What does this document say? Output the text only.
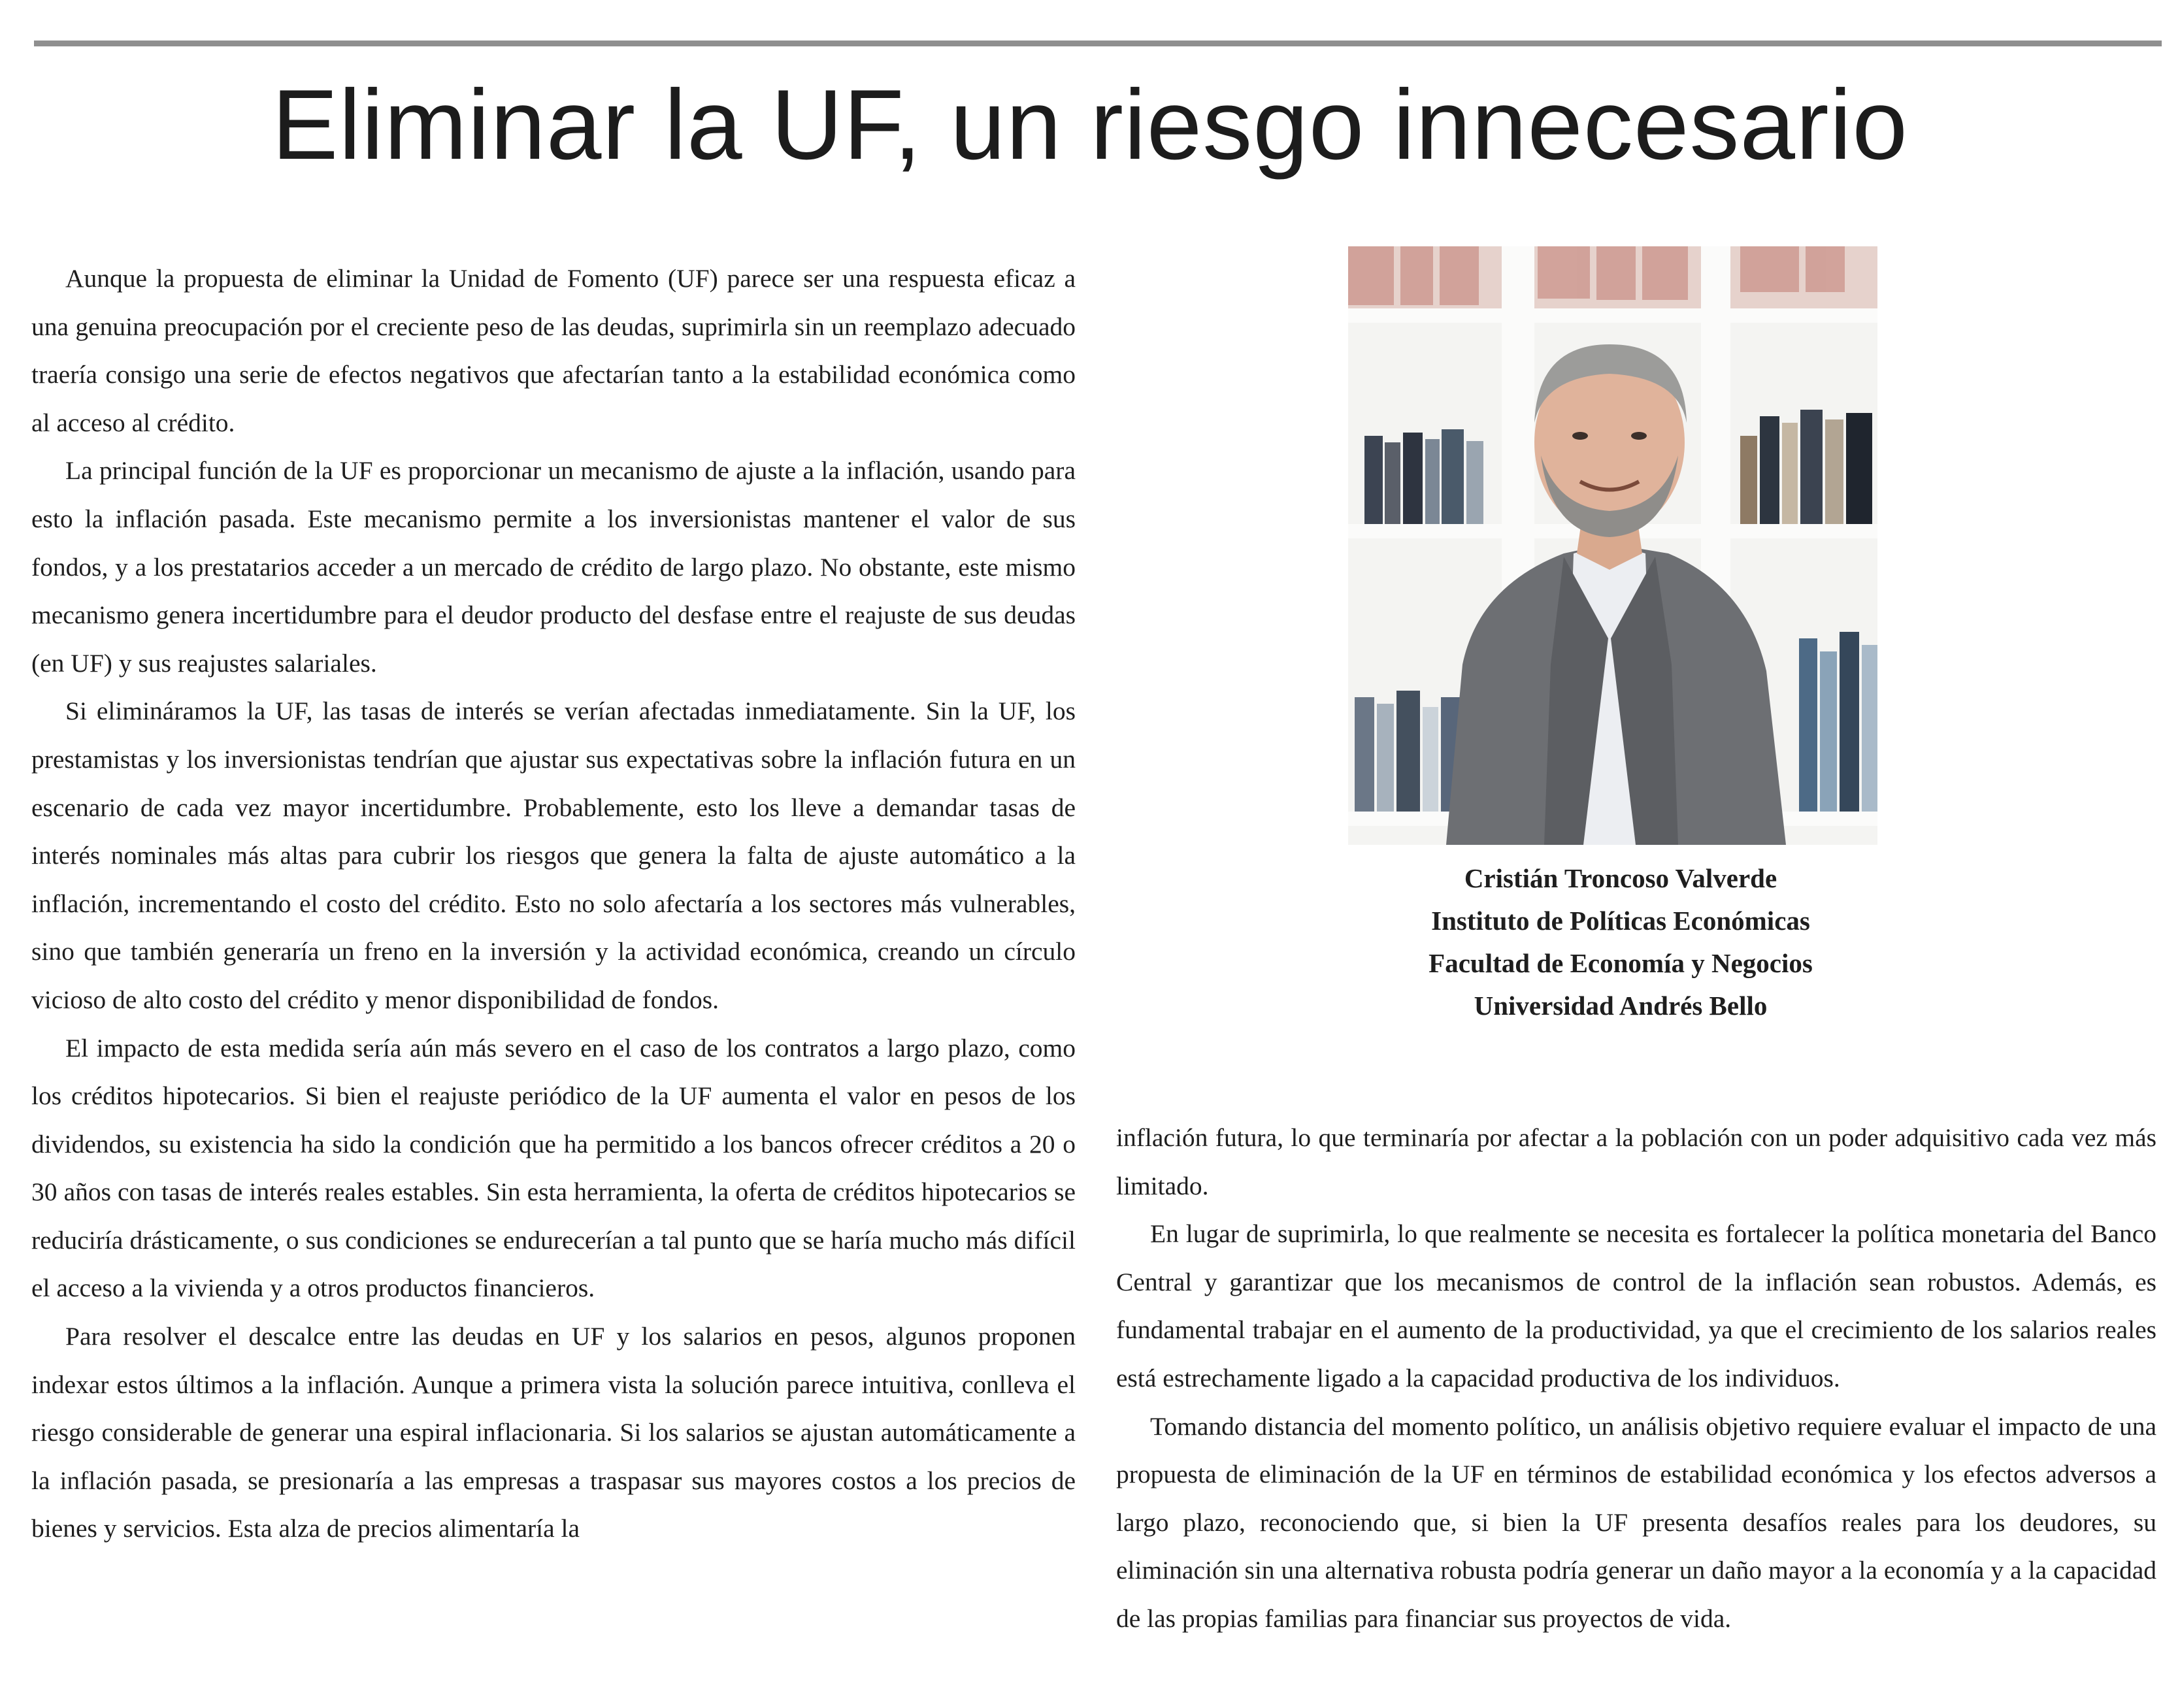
Eliminar la UF, un riesgo innecesario

Aunque la propuesta de eliminar la Unidad de Fomento (UF) parece ser una respuesta eficaz a una genuina preocupación por el creciente peso de las deudas, suprimirla sin un reemplazo adecuado traería consigo una serie de efectos negativos que afectarían tanto a la estabilidad económica como al acceso al crédito.

La principal función de la UF es proporcionar un mecanismo de ajuste a la inflación, usando para esto la inflación pasada. Este mecanismo permite a los inversionistas mantener el valor de sus fondos, y a los prestatarios acceder a un mercado de crédito de largo plazo. No obstante, este mismo mecanismo genera incertidumbre para el deudor producto del desfase entre el reajuste de sus deudas (en UF) y sus reajustes salariales.

Si elimináramos la UF, las tasas de interés se verían afectadas inmediatamente. Sin la UF, los prestamistas y los inversionistas tendrían que ajustar sus expectativas sobre la inflación futura en un escenario de cada vez mayor incertidumbre. Probablemente, esto los lleve a demandar tasas de interés nominales más altas para cubrir los riesgos que genera la falta de ajuste automático a la inflación, incrementando el costo del crédito. Esto no solo afectaría a los sectores más vulnerables, sino que también generaría un freno en la inversión y la actividad económica, creando un círculo vicioso de alto costo del crédito y menor disponibilidad de fondos.

El impacto de esta medida sería aún más severo en el caso de los contratos a largo plazo, como los créditos hipotecarios. Si bien el reajuste periódico de la UF aumenta el valor en pesos de los dividendos, su existencia ha sido la condición que ha permitido a los bancos ofrecer créditos a 20 o 30 años con tasas de interés reales estables. Sin esta herramienta, la oferta de créditos hipotecarios se reduciría drásticamente, o sus condiciones se endurecerían a tal punto que se haría mucho más difícil el acceso a la vivienda y a otros productos financieros.

Para resolver el descalce entre las deudas en UF y los salarios en pesos, algunos proponen indexar estos últimos a la inflación. Aunque a primera vista la solución parece intuitiva, conlleva el riesgo considerable de generar una espiral inflacionaria. Si los salarios se ajustan automáticamente a la inflación pasada, se presionaría a las empresas a traspasar sus mayores costos a los precios de bienes y servicios. Esta alza de precios alimentaría la

Cristián Troncoso Valverde
Instituto de Políticas Económicas
Facultad de Economía y Negocios
Universidad Andrés Bello

inflación futura, lo que terminaría por afectar a la población con un poder adquisitivo cada vez más limitado.

En lugar de suprimirla, lo que realmente se necesita es fortalecer la política monetaria del Banco Central y garantizar que los mecanismos de control de la inflación sean robustos. Además, es fundamental trabajar en el aumento de la productividad, ya que el crecimiento de los salarios reales está estrechamente ligado a la capacidad productiva de los individuos.

Tomando distancia del momento político, un análisis objetivo requiere evaluar el impacto de una propuesta de eliminación de la UF en términos de estabilidad económica y los efectos adversos a largo plazo, reconociendo que, si bien la UF presenta desafíos reales para los deudores, su eliminación sin una alternativa robusta podría generar un daño mayor a la economía y a la capacidad de las propias familias para financiar sus proyectos de vida.
